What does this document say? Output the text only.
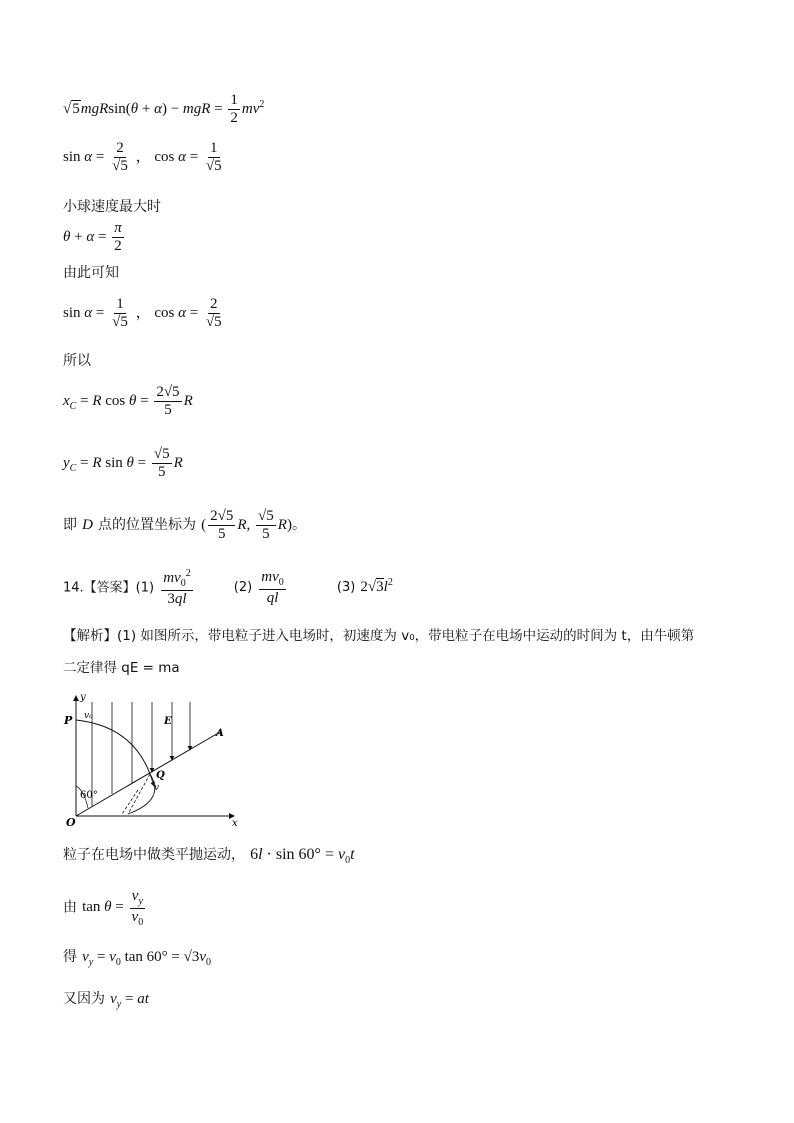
√5mgRsin(θ + α) − mgR = $\frac{1}{2} mv^2$
$\sin \alpha = \frac{2}{√5}$ ， $\cos \alpha = \frac{1}{√5}$
小球速度最大时
$\theta + \alpha = \frac{\pi}{2}$
由此可知
$\sin \alpha = \frac{1}{√5}$ ， $\cos \alpha = \frac{2}{√5}$
所以
$x_C = R$ $\cos \theta = \frac{2√5}{5}$ R
$y_C = R$ $\sin \theta = \frac{√5}{5}$ R
即 D 点的位置坐标为 ( $\frac{2√5}{5} R$, $\frac{√5}{5} R$)。
14.【答案】$(1) \frac{mv_0^2}{3ql}$	$(2) \frac{mv_0}{ql}$	(3) $2√3l^2$
【解析】(1) 如图所示，带电粒子进入电场时，初速度为 v₀，带电粒子在电场中运动的时间为 t，由牛顿第
二定律得 qE = ma
y
x
P v₀	E
A
Q
v
O
60°
粒子在电场中做类平抛运动， $6l \cdot \sin 60^\circ = v_0t$
由 $\tan \theta = \frac{v_y}{v_0}$
得 $v_y = v_0$ $\tan 60^\circ = √3v_0$
又因为 $v_y$ = at
